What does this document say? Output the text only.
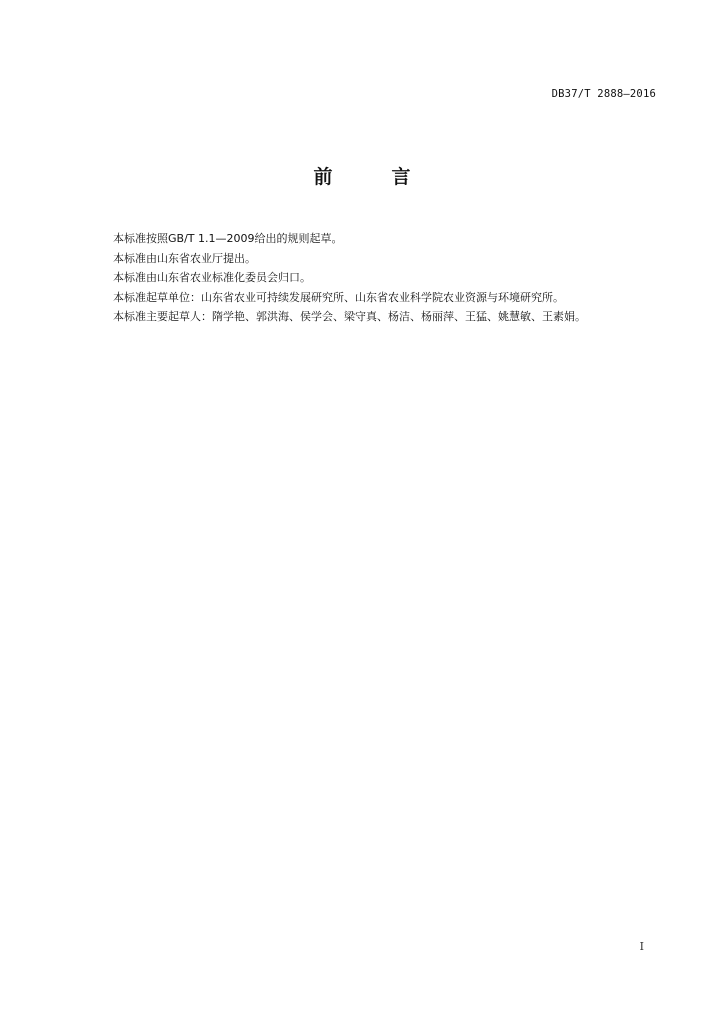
DB37/T 2888—2016
前　言
本标准按照GB/T 1.1—2009给出的规则起草。
本标准由山东省农业厅提出。
本标准由山东省农业标准化委员会归口。
本标准起草单位：山东省农业可持续发展研究所、山东省农业科学院农业资源与环境研究所。
本标准主要起草人：隋学艳、郭洪海、侯学会、梁守真、杨洁、杨丽萍、王猛、姚慧敏、王素娟。
I
